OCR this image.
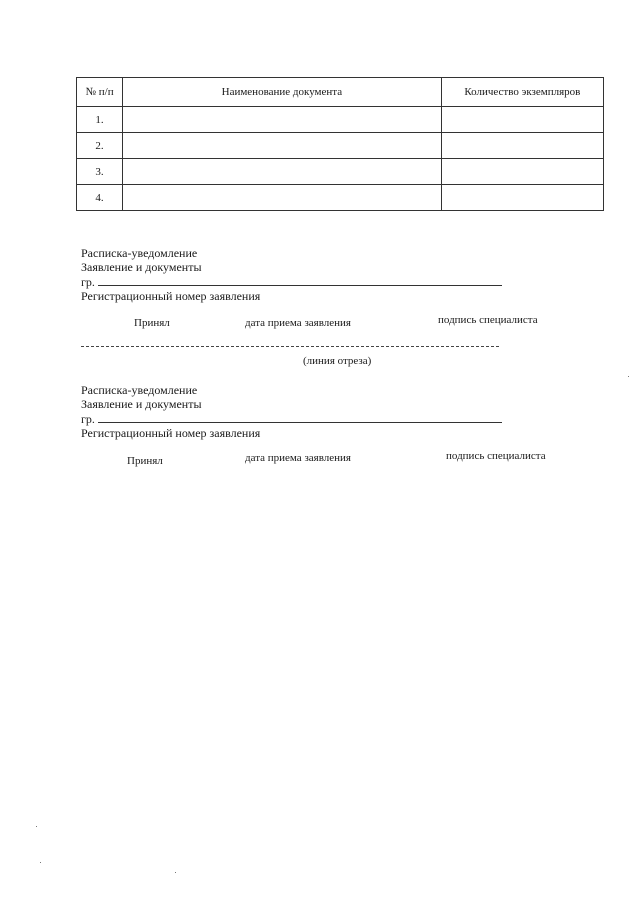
№ п/п	Наименование документа	Количество экземпляров
1.		
2.		
3.		
4.		
Расписка-уведомление
Заявление и документы
гр.
Регистрационный номер заявления
Принял	дата приема заявления	подпись специалиста
(линия отреза)
Расписка-уведомление
Заявление и документы
гр.
Регистрационный номер заявления
Принял	дата приема заявления	подпись специалиста
